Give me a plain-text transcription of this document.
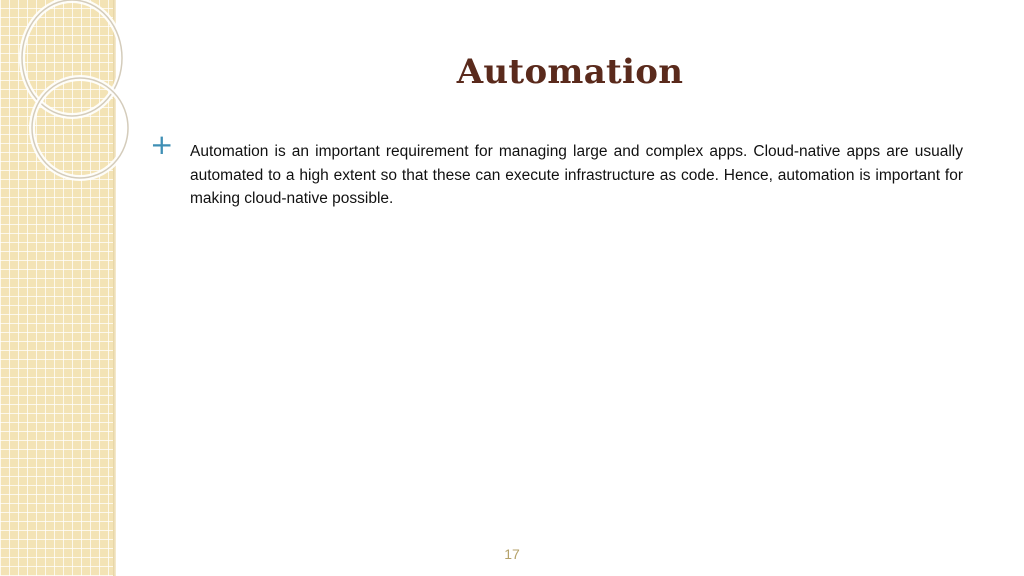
Automation
+ Automation is an important requirement for managing large and complex apps. Cloud-native apps are usually automated to a high extent so that these can execute infrastructure as code. Hence, automation is important for making cloud-native possible.
17
